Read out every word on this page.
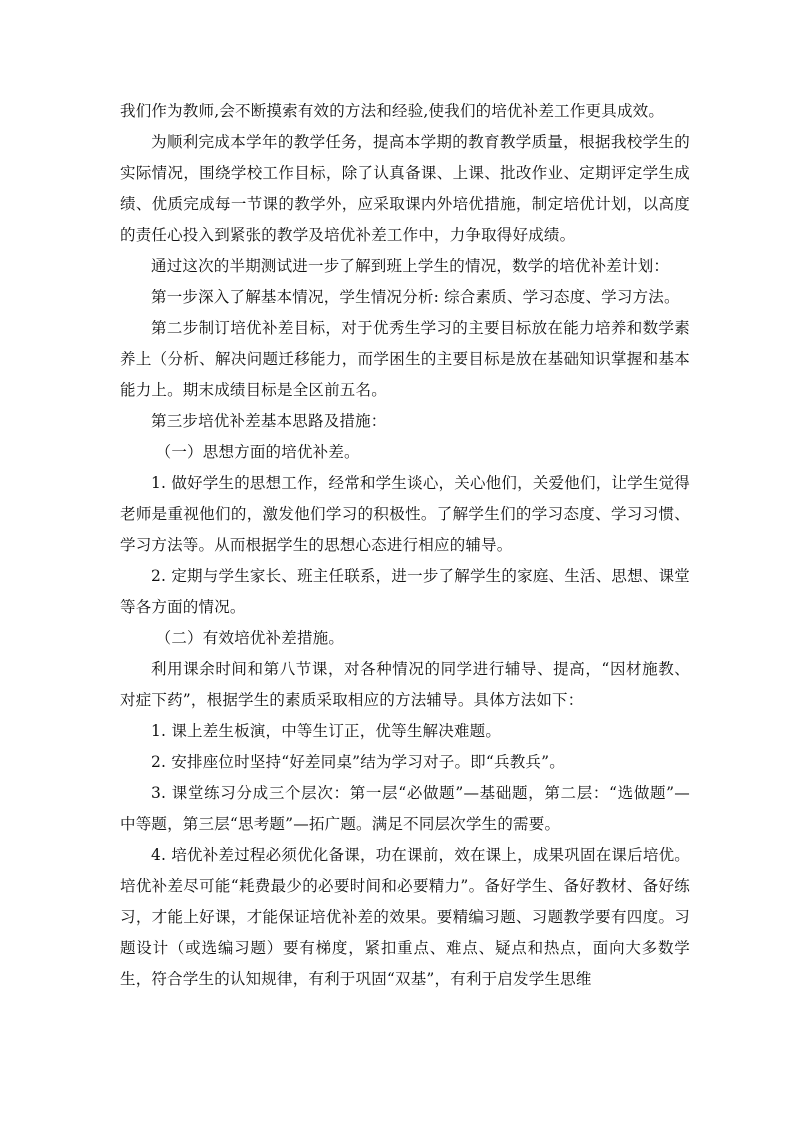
我们作为教师,会不断摸索有效的方法和经验,使我们的培优补差工作更具成效。

为顺利完成本学年的教学任务，提高本学期的教育教学质量，根据我校学生的实际情况，围绕学校工作目标，除了认真备课、上课、批改作业、定期评定学生成绩、优质完成每一节课的教学外，应采取课内外培优措施，制定培优计划，以高度的责任心投入到紧张的教学及培优补差工作中，力争取得好成绩。

通过这次的半期测试进一步了解到班上学生的情况，数学的培优补差计划：

第一步深入了解基本情况，学生情况分析: 综合素质、学习态度、学习方法。

第二步制订培优补差目标，对于优秀生学习的主要目标放在能力培养和数学素养上（分析、解决问题迁移能力，而学困生的主要目标是放在基础知识掌握和基本能力上。期末成绩目标是全区前五名。

第三步培优补差基本思路及措施：

（一）思想方面的培优补差。

1. 做好学生的思想工作，经常和学生谈心，关心他们，关爱他们，让学生觉得老师是重视他们的，激发他们学习的积极性。了解学生们的学习态度、学习习惯、学习方法等。从而根据学生的思想心态进行相应的辅导。

2. 定期与学生家长、班主任联系，进一步了解学生的家庭、生活、思想、课堂等各方面的情况。

（二）有效培优补差措施。

利用课余时间和第八节课，对各种情况的同学进行辅导、提高，“因材施教、对症下药”，根据学生的素质采取相应的方法辅导。具体方法如下：

1. 课上差生板演，中等生订正，优等生解决难题。

2. 安排座位时坚持“好差同桌”结为学习对子。即“兵教兵”。

3. 课堂练习分成三个层次：第一层“必做题”—基础题，第二层：“选做题”—中等题，第三层“思考题”—拓广题。满足不同层次学生的需要。

4. 培优补差过程必须优化备课，功在课前，效在课上，成果巩固在课后培优。培优补差尽可能“耗费最少的必要时间和必要精力”。备好学生、备好教材、备好练习，才能上好课，才能保证培优补差的效果。要精编习题、习题教学要有四度。习题设计（或选编习题）要有梯度，紧扣重点、难点、疑点和热点，面向大多数学生，符合学生的认知规律，有利于巩固“双基”，有利于启发学生思维
